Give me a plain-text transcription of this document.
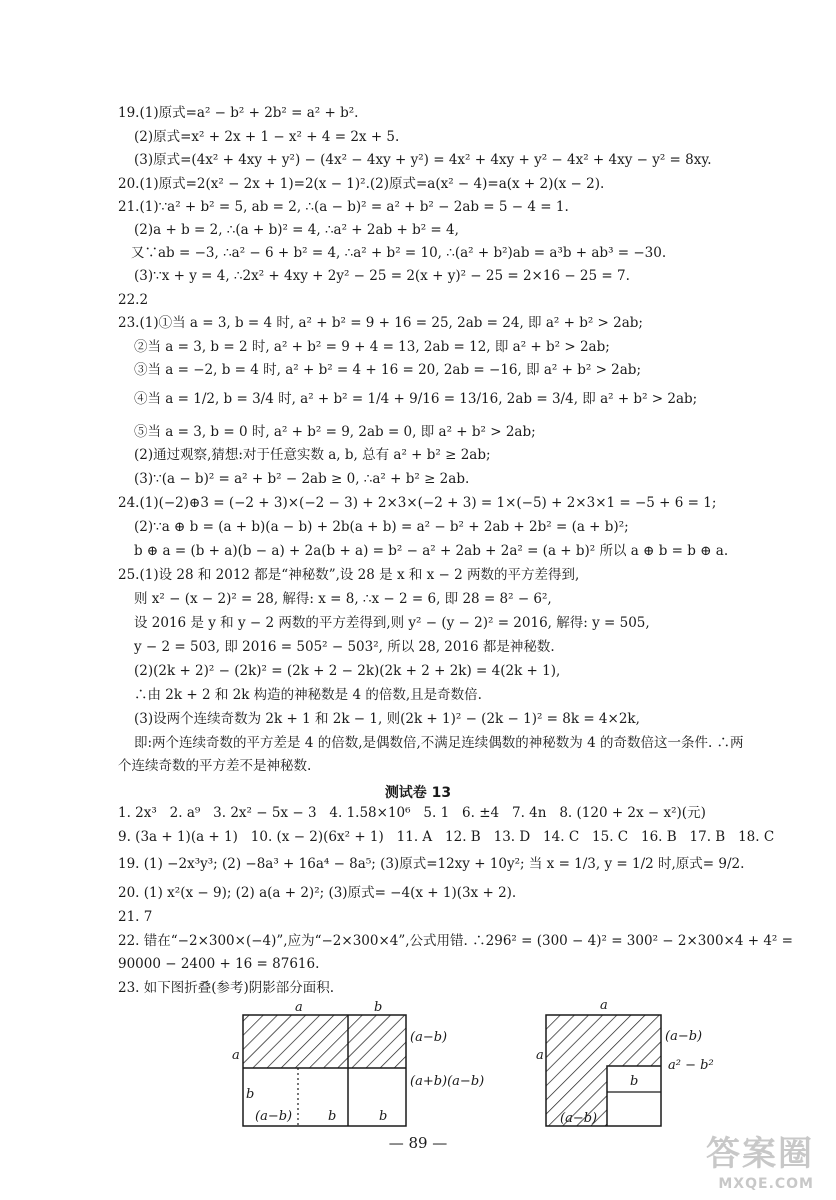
19.(1)原式=a² − b² + 2b² = a² + b².
(2)原式=x² + 2x + 1 − x² + 4 = 2x + 5.
(3)原式=(4x² + 4xy + y²) − (4x² − 4xy + y²) = 4x² + 4xy + y² − 4x² + 4xy − y² = 8xy.
20.(1)原式=2(x² − 2x + 1)=2(x − 1)².(2)原式=a(x² − 4)=a(x + 2)(x − 2).
21.(1)∵a² + b² = 5, ab = 2, ∴(a − b)² = a² + b² − 2ab = 5 − 4 = 1.
(2)a + b = 2, ∴(a + b)² = 4, ∴a² + 2ab + b² = 4,
又∵ab = −3, ∴a² − 6 + b² = 4, ∴a² + b² = 10, ∴(a² + b²)ab = a³b + ab³ = −30.
(3)∵x + y = 4, ∴2x² + 4xy + 2y² − 25 = 2(x + y)² − 25 = 2×16 − 25 = 7.
22.2
23.(1)①当 a = 3, b = 4 时, a² + b² = 9 + 16 = 25, 2ab = 24, 即 a² + b² > 2ab;
②当 a = 3, b = 2 时, a² + b² = 9 + 4 = 13, 2ab = 12, 即 a² + b² > 2ab;
③当 a = −2, b = 4 时, a² + b² = 4 + 16 = 20, 2ab = −16, 即 a² + b² > 2ab;
④当 a = 1/2, b = 3/4 时, a² + b² = 1/4 + 9/16 = 13/16, 2ab = 3/4, 即 a² + b² > 2ab;
⑤当 a = 3, b = 0 时, a² + b² = 9, 2ab = 0, 即 a² + b² > 2ab;
(2)通过观察,猜想:对于任意实数 a, b, 总有 a² + b² ≥ 2ab;
(3)∵(a − b)² = a² + b² − 2ab ≥ 0, ∴a² + b² ≥ 2ab.
24.(1)(−2)⊕3 = (−2 + 3)×(−2 − 3) + 2×3×(−2 + 3) = 1×(−5) + 2×3×1 = −5 + 6 = 1;
(2)∵a ⊕ b = (a + b)(a − b) + 2b(a + b) = a² − b² + 2ab + 2b² = (a + b)²;
b ⊕ a = (b + a)(b − a) + 2a(b + a) = b² − a² + 2ab + 2a² = (a + b)² 所以 a ⊕ b = b ⊕ a.
25.(1)设 28 和 2012 都是“神秘数”,设 28 是 x 和 x − 2 两数的平方差得到,
则 x² − (x − 2)² = 28, 解得: x = 8, ∴x − 2 = 6, 即 28 = 8² − 6²,
设 2016 是 y 和 y − 2 两数的平方差得到,则 y² − (y − 2)² = 2016, 解得: y = 505,
y − 2 = 503, 即 2016 = 505² − 503², 所以 28, 2016 都是神秘数.
(2)(2k + 2)² − (2k)² = (2k + 2 − 2k)(2k + 2 + 2k) = 4(2k + 1),
∴由 2k + 2 和 2k 构造的神秘数是 4 的倍数,且是奇数倍.
(3)设两个连续奇数为 2k + 1 和 2k − 1, 则(2k + 1)² − (2k − 1)² = 8k = 4×2k,
即:两个连续奇数的平方差是 4 的倍数,是偶数倍,不满足连续偶数的神秘数为 4 的奇数倍这一条件. ∴两
个连续奇数的平方差不是神秘数.
测试卷 13
1. 2x³   2. a⁹   3. 2x² − 5x − 3   4. 1.58×10⁶   5. 1   6. ±4   7. 4n   8. (120 + 2x − x²)(元)
9. (3a + 1)(a + 1)   10. (x − 2)(6x² + 1)   11. A   12. B   13. D   14. C   15. C   16. B   17. B   18. C
19. (1) −2x³y³; (2) −8a³ + 16a⁴ − 8a⁵; (3)原式=12xy + 10y²; 当 x = 1/3, y = 1/2 时,原式= 9/2.
20. (1) x²(x − 9); (2) a(a + 2)²; (3)原式= −4(x + 1)(3x + 2).
21. 7
22. 错在“−2×300×(−4)”,应为“−2×300×4”,公式用错. ∴296² = (300 − 4)² = 300² − 2×300×4 + 4² =
90000 − 2400 + 16 = 87616.
23. 如下图折叠(参考)阴影部分面积.
a	b
a
b
(a−b)	b	b
(a−b)
(a+b)(a−b)
a
a
(a−b)
a² − b²
b
(a−b)
— 89 —	答案圈
MXQE.COM
